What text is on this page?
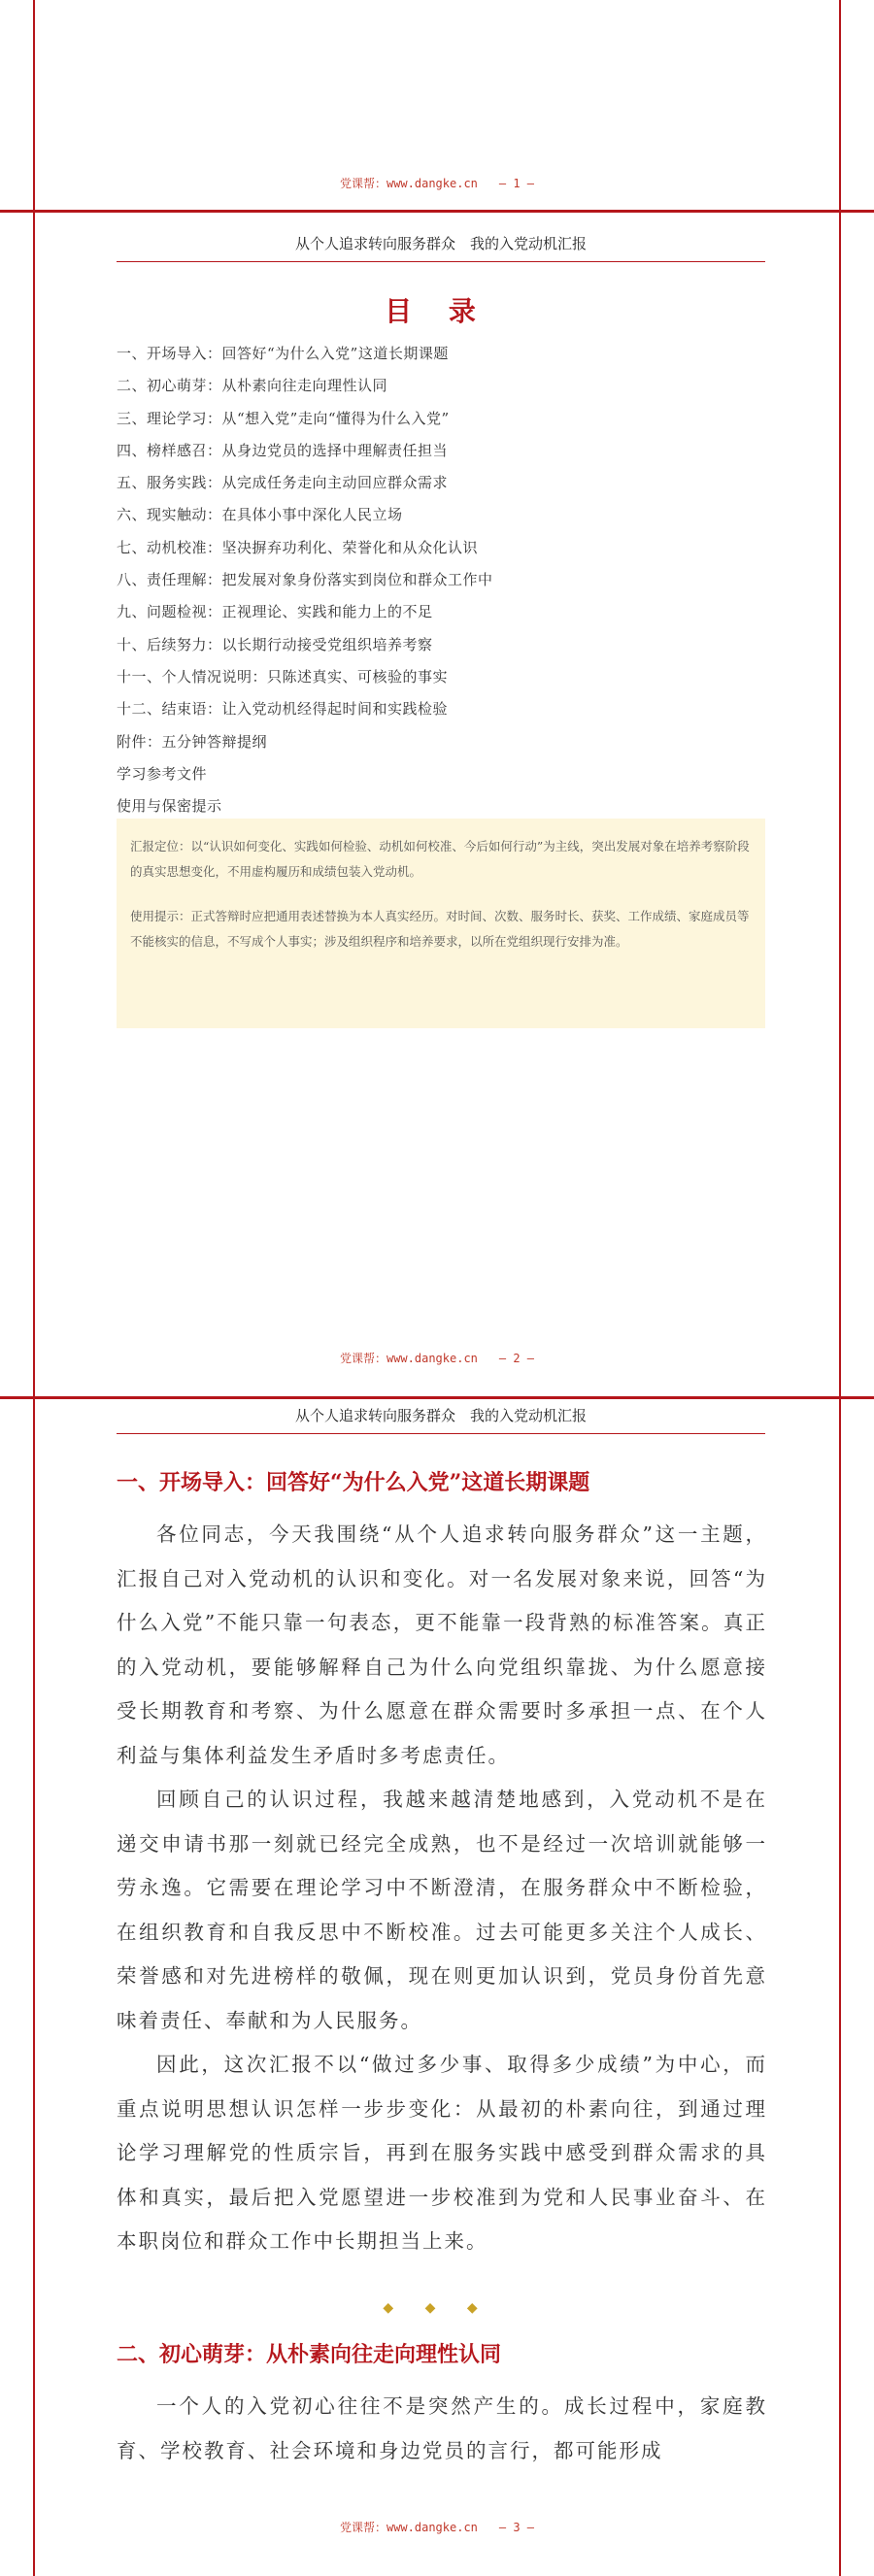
党课帮：www.dangke.cn — 1 —
从个人追求转向服务群众　我的入党动机汇报
目 录
一、开场导入：回答好“为什么入党”这道长期课题
二、初心萌芽：从朴素向往走向理性认同
三、理论学习：从“想入党”走向“懂得为什么入党”
四、榜样感召：从身边党员的选择中理解责任担当
五、服务实践：从完成任务走向主动回应群众需求
六、现实触动：在具体小事中深化人民立场
七、动机校准：坚决摒弃功利化、荣誉化和从众化认识
八、责任理解：把发展对象身份落实到岗位和群众工作中
九、问题检视：正视理论、实践和能力上的不足
十、后续努力：以长期行动接受党组织培养考察
十一、个人情况说明：只陈述真实、可核验的事实
十二、结束语：让入党动机经得起时间和实践检验
附件：五分钟答辩提纲
学习参考文件
使用与保密提示

汇报定位：以“认识如何变化、实践如何检验、动机如何校准、今后如何行动”为主线，突出发展对象在培养考察阶段的真实思想变化，不用虚构履历和成绩包装入党动机。

使用提示：正式答辩时应把通用表述替换为本人真实经历。对时间、次数、服务时长、获奖、工作成绩、家庭成员等不能核实的信息，不写成个人事实；涉及组织程序和培养要求，以所在党组织现行安排为准。

党课帮：www.dangke.cn — 2 —
从个人追求转向服务群众　我的入党动机汇报
一、开场导入：回答好“为什么入党”这道长期课题

各位同志，今天我围绕“从个人追求转向服务群众”这一主题，汇报自己对入党动机的认识和变化。对一名发展对象来说，回答“为什么入党”不能只靠一句表态，更不能靠一段背熟的标准答案。真正的入党动机，要能够解释自己为什么向党组织靠拢、为什么愿意接受长期教育和考察、为什么愿意在群众需要时多承担一点、在个人利益与集体利益发生矛盾时多考虑责任。

回顾自己的认识过程，我越来越清楚地感到，入党动机不是在递交申请书那一刻就已经完全成熟，也不是经过一次培训就能够一劳永逸。它需要在理论学习中不断澄清，在服务群众中不断检验，在组织教育和自我反思中不断校准。过去可能更多关注个人成长、荣誉感和对先进榜样的敬佩，现在则更加认识到，党员身份首先意味着责任、奉献和为人民服务。

因此，这次汇报不以“做过多少事、取得多少成绩”为中心，而重点说明思想认识怎样一步步变化：从最初的朴素向往，到通过理论学习理解党的性质宗旨，再到在服务实践中感受到群众需求的具体和真实，最后把入党愿望进一步校准到为党和人民事业奋斗、在本职岗位和群众工作中长期担当上来。

◆ ◆ ◆
二、初心萌芽：从朴素向往走向理性认同

一个人的入党初心往往不是突然产生的。成长过程中，家庭教育、学校教育、社会环境和身边党员的言行，都可能形成

党课帮：www.dangke.cn — 3 —
